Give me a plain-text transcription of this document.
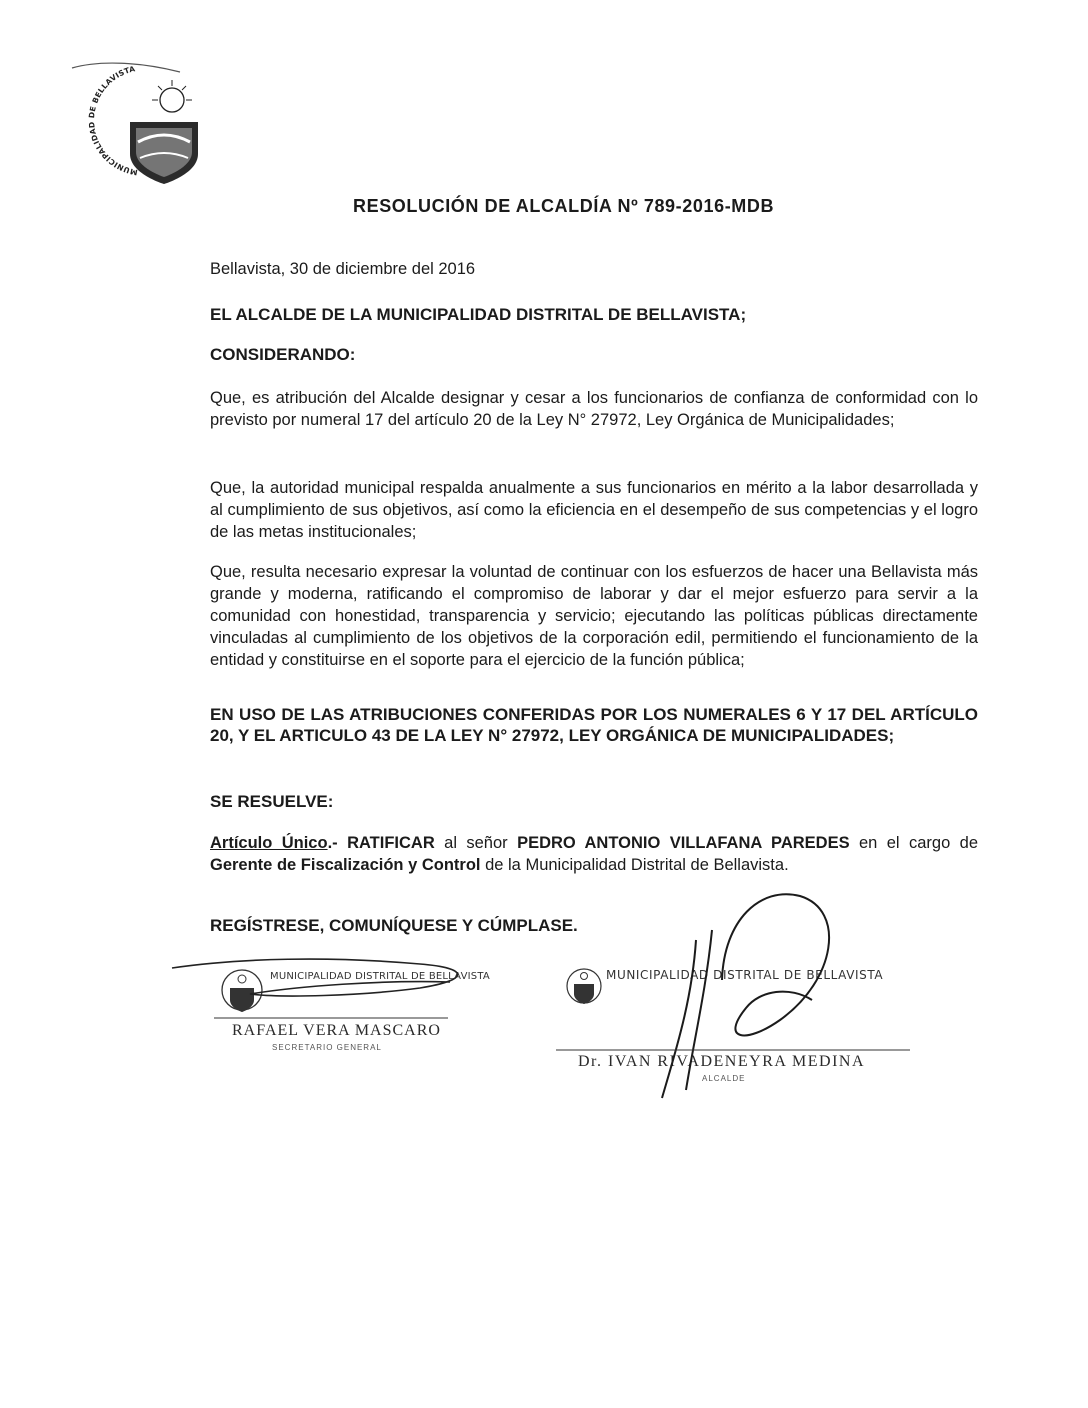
MUNICIPALIDAD DE BELLAVISTA
RESOLUCIÓN DE ALCALDÍA Nº 789-2016-MDB

Bellavista, 30 de diciembre del 2016

EL ALCALDE DE LA MUNICIPALIDAD DISTRITAL DE BELLAVISTA;

CONSIDERANDO:

Que, es atribución del Alcalde designar y cesar a los funcionarios de confianza de conformidad con lo previsto por numeral 17 del artículo 20 de la Ley N° 27972, Ley Orgánica de Municipalidades;

Que, la autoridad municipal respalda anualmente a sus funcionarios en mérito a la labor desarrollada y al cumplimiento de sus objetivos, así como la eficiencia en el desempeño de sus competencias y el logro de las metas institucionales;

Que, resulta necesario expresar la voluntad de continuar con los esfuerzos de hacer una Bellavista más grande y moderna, ratificando el compromiso de laborar y dar el mejor esfuerzo para servir a la comunidad con honestidad, transparencia y servicio; ejecutando las políticas públicas directamente vinculadas al cumplimiento de los objetivos de la corporación edil, permitiendo el funcionamiento de la entidad y constituirse en el soporte para el ejercicio de la función pública;

EN USO DE LAS ATRIBUCIONES CONFERIDAS POR LOS NUMERALES 6 Y 17 DEL ARTÍCULO 20, Y EL ARTICULO 43 DE LA LEY N° 27972, LEY ORGÁNICA DE MUNICIPALIDADES;

SE RESUELVE:

Artículo Único.- RATIFICAR al señor PEDRO ANTONIO VILLAFANA PAREDES en el cargo de Gerente de Fiscalización y Control de la Municipalidad Distrital de Bellavista.

REGÍSTRESE, COMUNÍQUESE Y CÚMPLASE.

MUNICIPALIDAD DISTRITAL DE BELLAVISTA
RAFAEL VERA MASCARO
SECRETARIO GENERAL
MUNICIPALIDAD DISTRITAL DE BELLAVISTA
Dr. IVAN RIVADENEYRA MEDINA
ALCALDE
